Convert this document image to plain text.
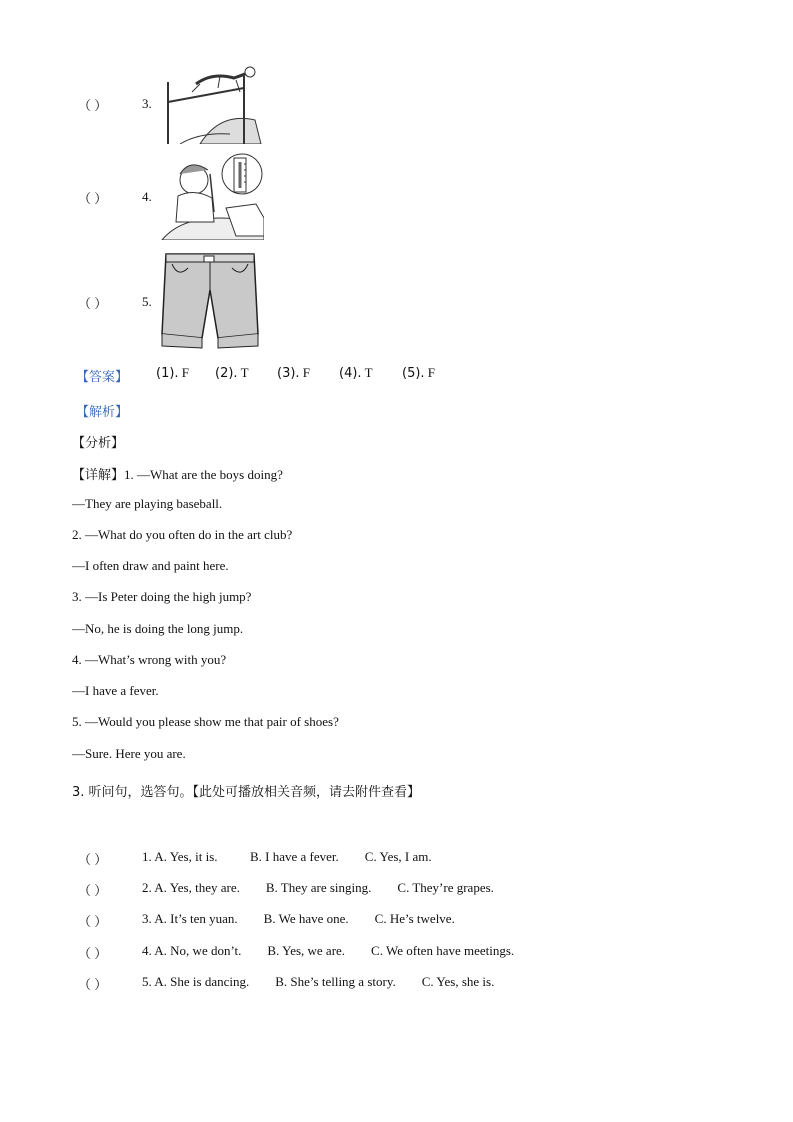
（ ）	3.
（ ）	4.
（ ）	5.
【答案】 (1). F (2). T (3). F (4). T (5). F
【解析】
【分析】
【详解】1. —What are the boys doing?
—They are playing baseball.
2. —What do you often do in the art club?
—I often draw and paint here.
3. —Is Peter doing the high jump?
—No, he is doing the long jump.
4. —What’s wrong with you?
—I have a fever.
5. —Would you please show me that pair of shoes?
—Sure. Here you are.
3. 听问句，选答句。【此处可播放相关音频，请去附件查看】
（ ）	1. A. Yes, it is.          B. I have a fever.        C. Yes, I am.
（ ）	2. A. Yes, they are.        B. They are singing.        C. They’re grapes.
（ ）	3. A. It’s ten yuan.        B. We have one.        C. He’s twelve.
（ ）	4. A. No, we don’t.        B. Yes, we are.        C. We often have meetings.
（ ）	5. A. She is dancing.        B. She’s telling a story.        C. Yes, she is.
